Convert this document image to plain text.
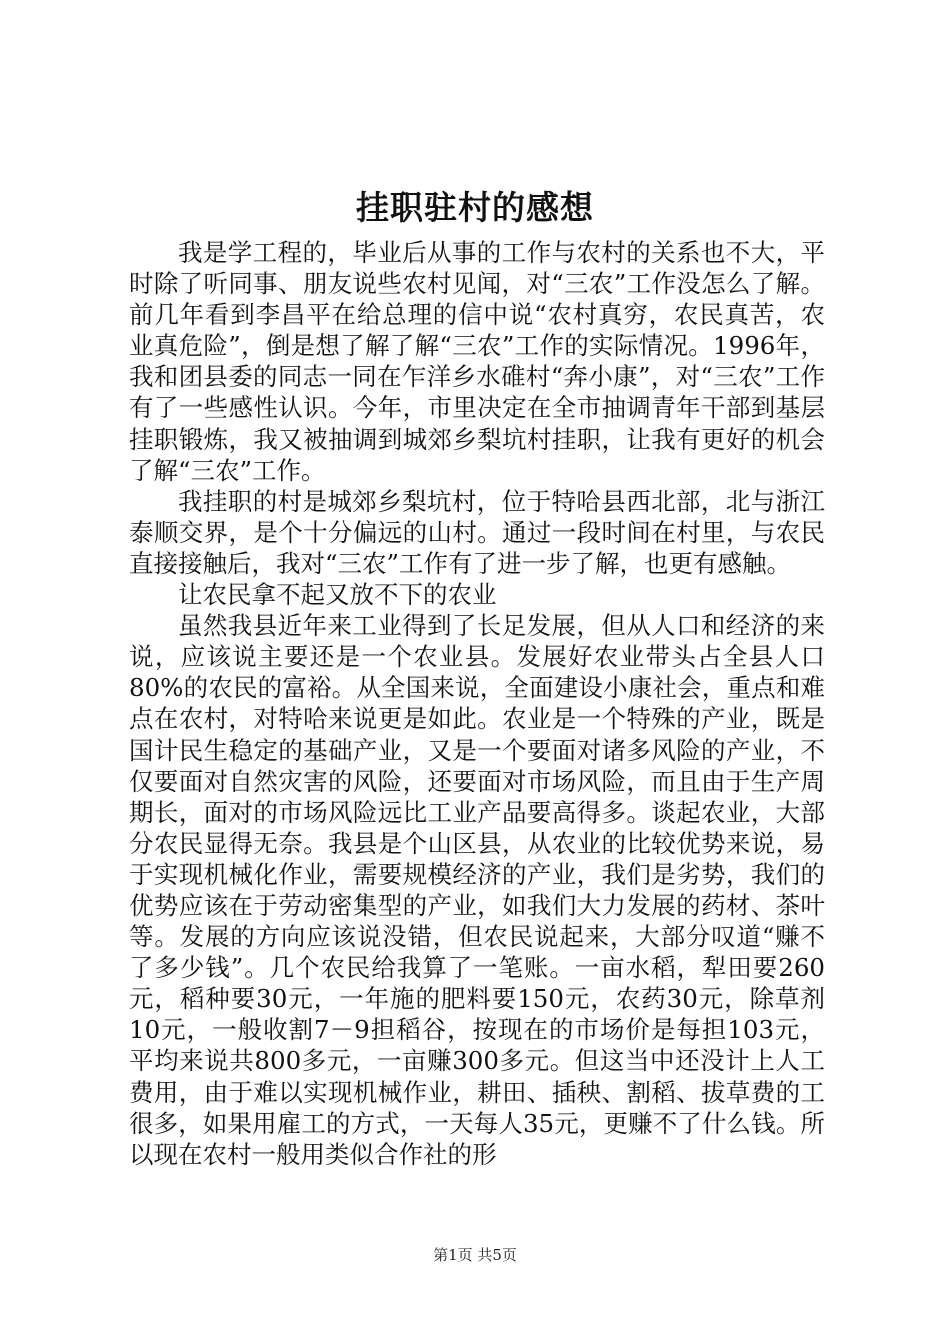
挂职驻村的感想

我是学工程的，毕业后从事的工作与农村的关系也不大，平时除了听同事、朋友说些农村见闻，对“三农”工作没怎么了解。前几年看到李昌平在给总理的信中说“农村真穷，农民真苦，农业真危险”，倒是想了解了解“三农”工作的实际情况。1996年，我和团县委的同志一同在乍洋乡水碓村“奔小康”，对“三农”工作有了一些感性认识。今年，市里决定在全市抽调青年干部到基层挂职锻炼，我又被抽调到城郊乡梨坑村挂职，让我有更好的机会了解“三农”工作。

我挂职的村是城郊乡梨坑村，位于特哈县西北部，北与浙江泰顺交界，是个十分偏远的山村。通过一段时间在村里，与农民直接接触后，我对“三农”工作有了进一步了解，也更有感触。

让农民拿不起又放不下的农业

虽然我县近年来工业得到了长足发展，但从人口和经济的来说，应该说主要还是一个农业县。发展好农业带头占全县人口80%的农民的富裕。从全国来说，全面建设小康社会，重点和难点在农村，对特哈来说更是如此。农业是一个特殊的产业，既是国计民生稳定的基础产业，又是一个要面对诸多风险的产业，不仅要面对自然灾害的风险，还要面对市场风险，而且由于生产周期长，面对的市场风险远比工业产品要高得多。谈起农业，大部分农民显得无奈。我县是个山区县，从农业的比较优势来说，易于实现机械化作业，需要规模经济的产业，我们是劣势，我们的优势应该在于劳动密集型的产业，如我们大力发展的药材、茶叶等。发展的方向应该说没错，但农民说起来，大部分叹道“赚不了多少钱”。几个农民给我算了一笔账。一亩水稻，犁田要260元，稻种要30元，一年施的肥料要150元，农药30元，除草剂10元，一般收割7－9担稻谷，按现在的市场价是每担103元，平均来说共800多元，一亩赚300多元。但这当中还没计上人工费用，由于难以实现机械作业，耕田、插秧、割稻、拔草费的工很多，如果用雇工的方式，一天每人35元，更赚不了什么钱。所以现在农村一般用类似合作社的形

第1页 共5页
